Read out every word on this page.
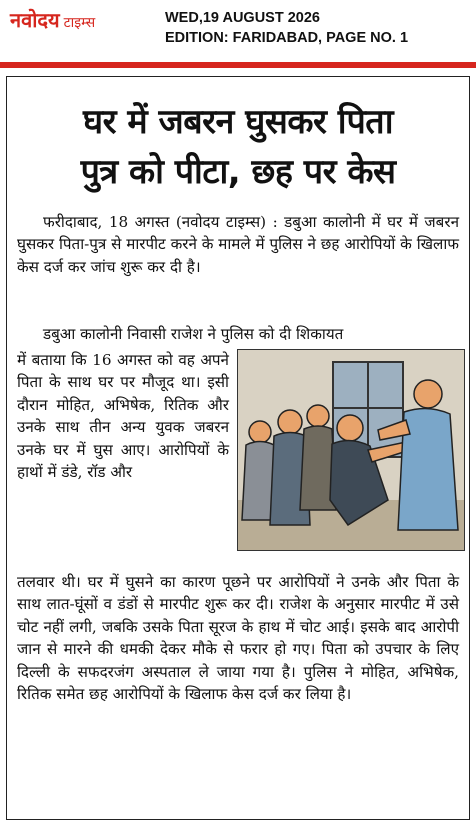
नवोदय टाइम्स	WED,19 AUGUST 2026
EDITION: FARIDABAD, PAGE NO. 1
घर में जबरन घुसकर पिता
पुत्र को पीटा, छह पर केस
फरीदाबाद, 18 अगस्त (नवोदय टाइम्स) : डबुआ कालोनी में घर में जबरन घुसकर पिता-पुत्र से मारपीट करने के मामले में पुलिस ने छह आरोपियों के खिलाफ केस दर्ज कर जांच शुरू कर दी है।
डबुआ कालोनी निवासी राजेश ने पुलिस को दी शिकायत
में बताया कि 16 अगस्त को वह अपने पिता के साथ घर पर मौजूद था। इसी दौरान मोहित, अभिषेक, रितिक और उनके साथ तीन अन्य युवक जबरन उनके घर में घुस आए। आरोपियों के हाथों में डंडे, रॉड और
तलवार थी। घर में घुसने का कारण पूछने पर आरोपियों ने उनके और पिता के साथ लात-घूंसों व डंडों से मारपीट शुरू कर दी। राजेश के अनुसार मारपीट में उसे चोट नहीं लगी, जबकि उसके पिता सूरज के हाथ में चोट आई। इसके बाद आरोपी जान से मारने की धमकी देकर मौके से फरार हो गए। पिता को उपचार के लिए दिल्ली के सफदरजंग अस्पताल ले जाया गया है। पुलिस ने मोहित, अभिषेक, रितिक समेत छह आरोपियों के खिलाफ केस दर्ज कर लिया है।
